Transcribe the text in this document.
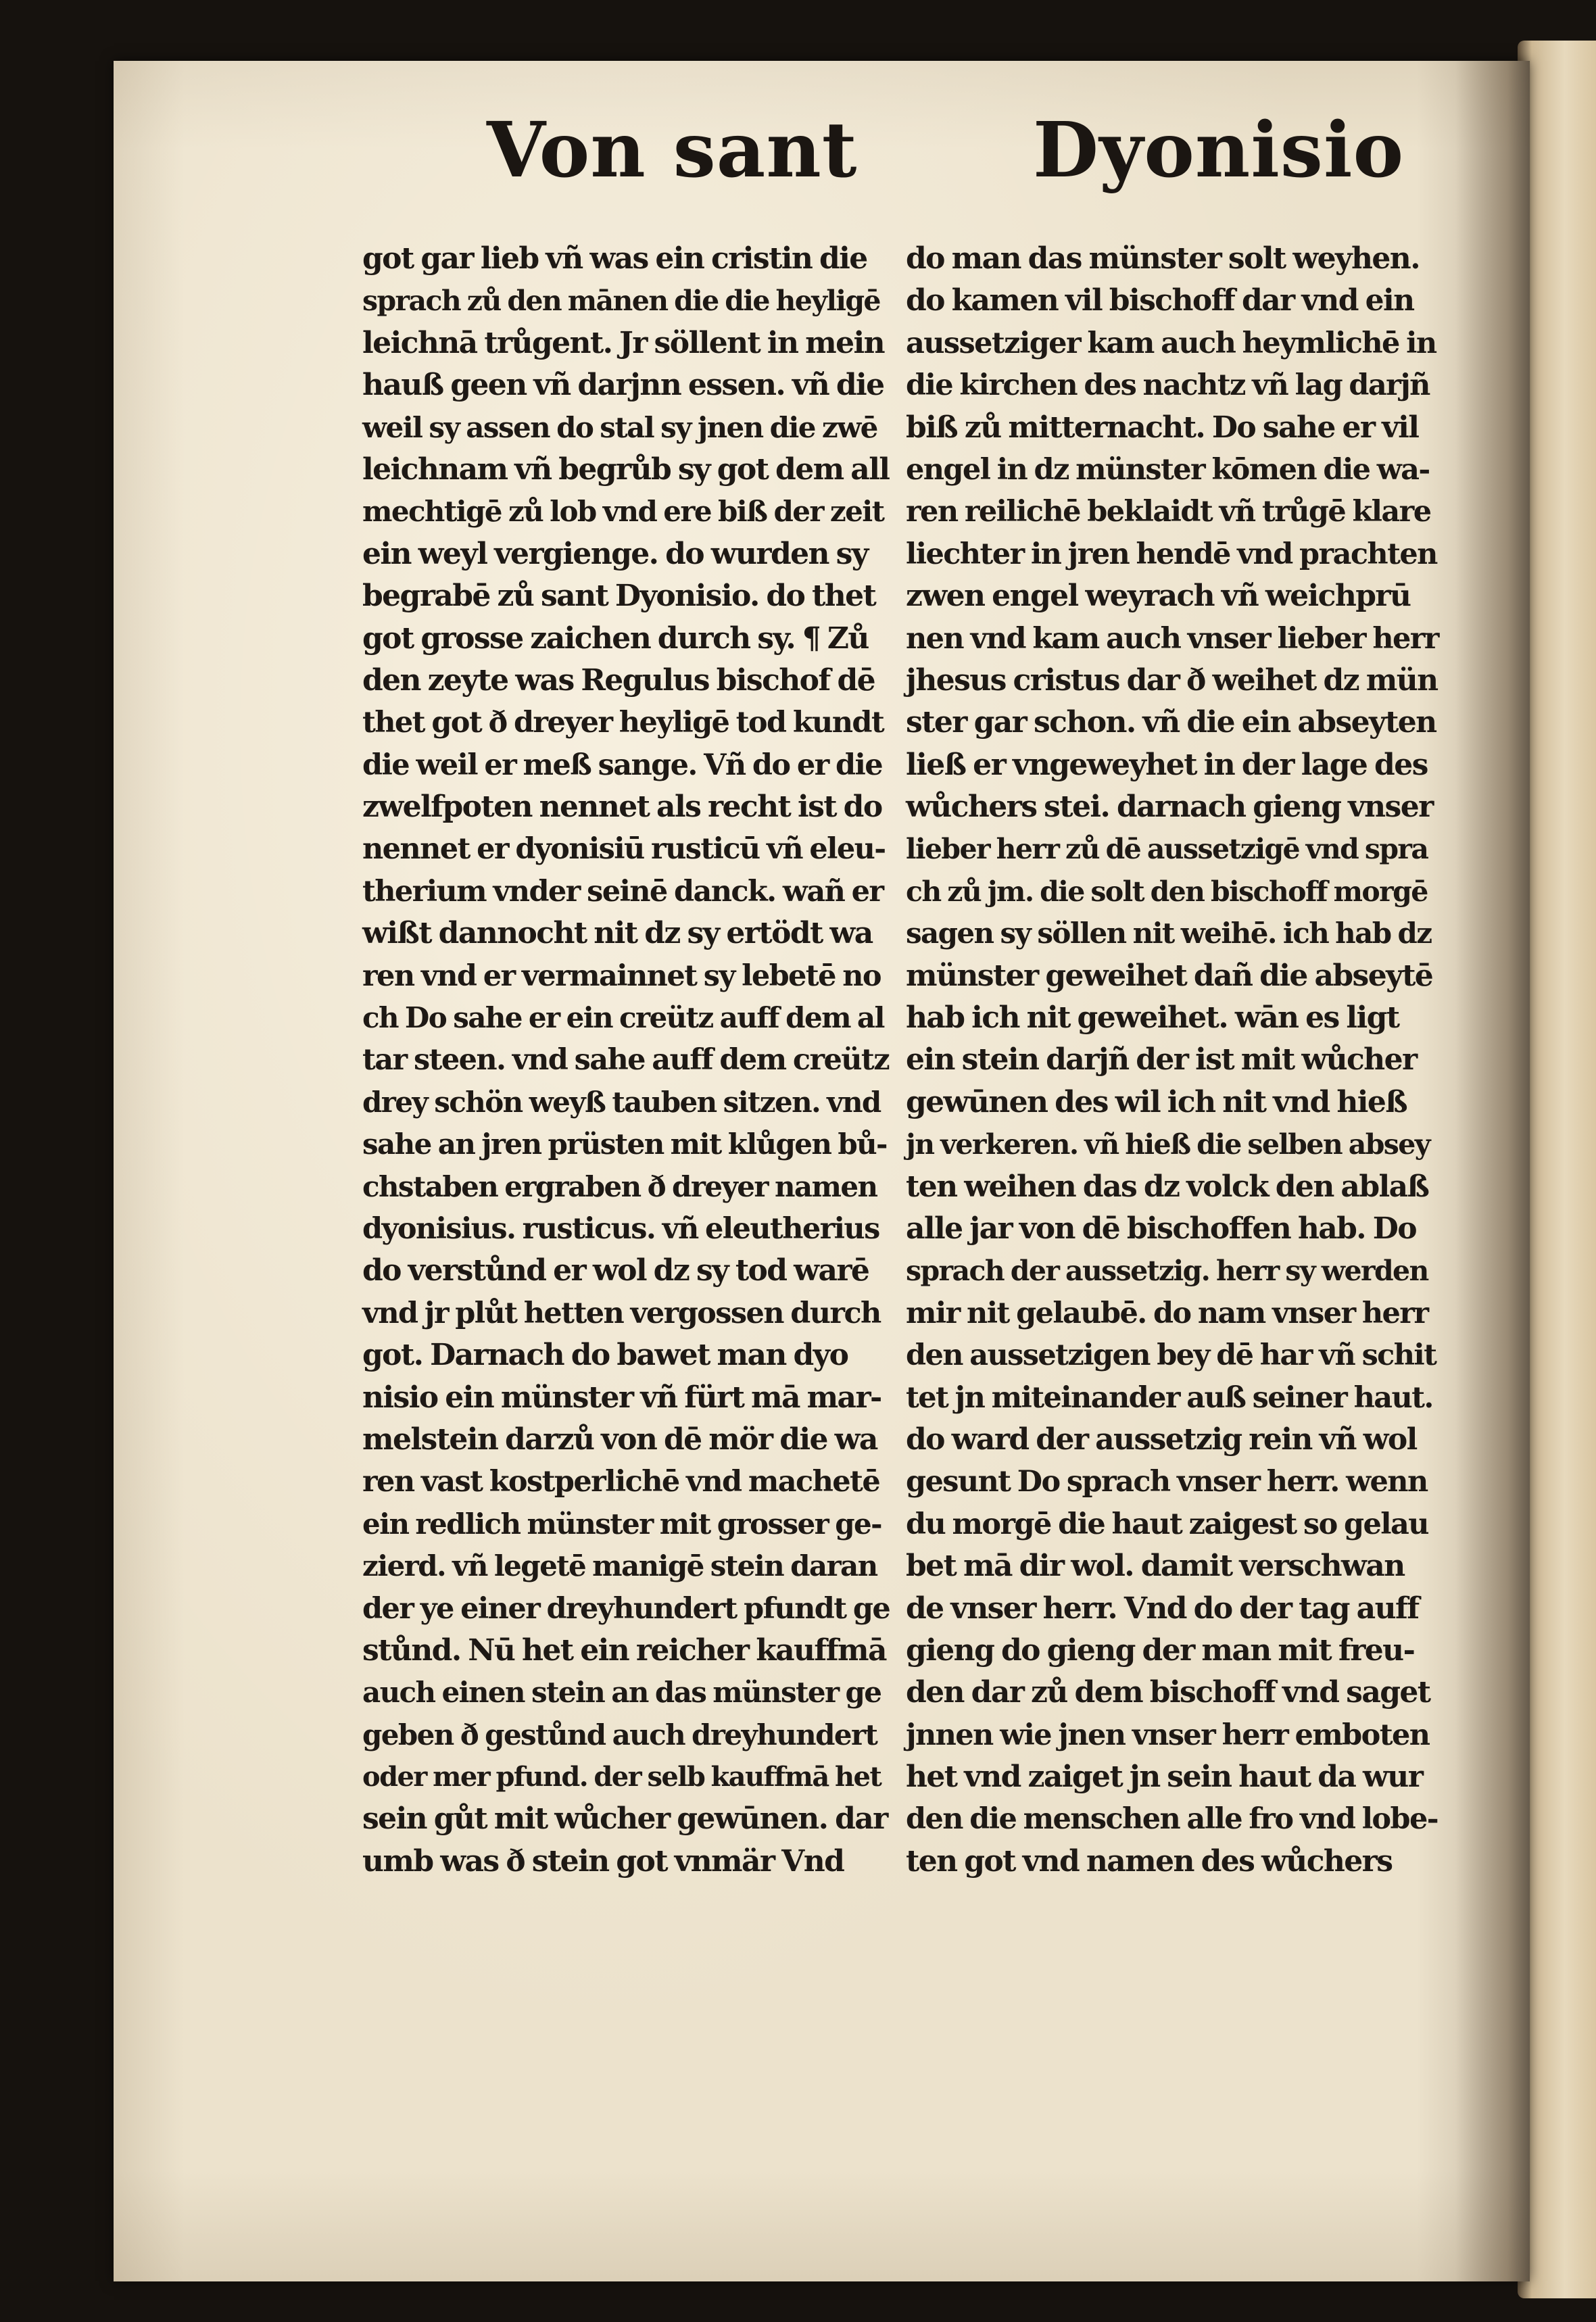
Von sant Dyonisio
got gar lieb vñ was ein cristin die
sprach zů den mānen die die heyligē
leichnā trůgent. Jr söllent in mein
hauß geen vñ darjnn essen. vñ die
weil sy assen do stal sy jnen die zwē
leichnam vñ begrůb sy got dem all
mechtigē zů lob vnd ere biß der zeit
ein weyl vergienge. do wurden sy
begrabē zů sant Dyonisio. do thet
got grosse zaichen durch sy. ¶ Zů
den zeyte was Regulus bischof dē
thet got ð dreyer heyligē tod kundt
die weil er meß sange. Vñ do er die
zwelfpoten nennet als recht ist do
nennet er dyonisiū rusticū vñ eleu-
therium vnder seinē danck. wañ er
wißt dannocht nit dz sy ertödt wa
ren vnd er vermainnet sy lebetē no
ch Do sahe er ein creütz auff dem al
tar steen. vnd sahe auff dem creütz
drey schön weyß tauben sitzen. vnd
sahe an jren prüsten mit klůgen bů-
chstaben ergraben ð dreyer namen
dyonisius. rusticus. vñ eleutherius
do verstůnd er wol dz sy tod warē
vnd jr plůt hetten vergossen durch
got. Darnach do bawet man dyo
nisio ein münster vñ fürt mā mar-
melstein darzů von dē mör die wa
ren vast kostperlichē vnd machetē
ein redlich münster mit grosser ge-
zierd. vñ legetē manigē stein daran
der ye einer dreyhundert pfundt ge
stůnd. Nū het ein reicher kauffmā
auch einen stein an das münster ge
geben ð gestůnd auch dreyhundert
oder mer pfund. der selb kauffmā het
sein gůt mit wůcher gewūnen. dar
umb was ð stein got vnmär Vnd
do man das münster solt weyhen.
do kamen vil bischoff dar vnd ein
aussetziger kam auch heymlichē in
die kirchen des nachtz vñ lag darjñ
biß zů mitternacht. Do sahe er vil
engel in dz münster kōmen die wa-
ren reilichē beklaidt vñ trůgē klare
liechter in jren hendē vnd prachten
zwen engel weyrach vñ weichprū
nen vnd kam auch vnser lieber herr
jhesus cristus dar ð weihet dz mün
ster gar schon. vñ die ein abseyten
ließ er vngeweyhet in der lage des
wůchers stei. darnach gieng vnser
lieber herr zů dē aussetzigē vnd spra
ch zů jm. die solt den bischoff morgē
sagen sy söllen nit weihē. ich hab dz
münster geweihet dañ die abseytē
hab ich nit geweihet. wān es ligt
ein stein darjñ der ist mit wůcher
gewūnen des wil ich nit vnd hieß
jn verkeren. vñ hieß die selben absey
ten weihen das dz volck den ablaß
alle jar von dē bischoffen hab. Do
sprach der aussetzig. herr sy werden
mir nit gelaubē. do nam vnser herr
den aussetzigen bey dē har vñ schit
tet jn miteinander auß seiner haut.
do ward der aussetzig rein vñ wol
gesunt Do sprach vnser herr. wenn
du morgē die haut zaigest so gelau
bet mā dir wol. damit verschwan
de vnser herr. Vnd do der tag auff
gieng do gieng der man mit freu-
den dar zů dem bischoff vnd saget
jnnen wie jnen vnser herr emboten
het vnd zaiget jn sein haut da wur
den die menschen alle fro vnd lobe-
ten got vnd namen des wůchers
